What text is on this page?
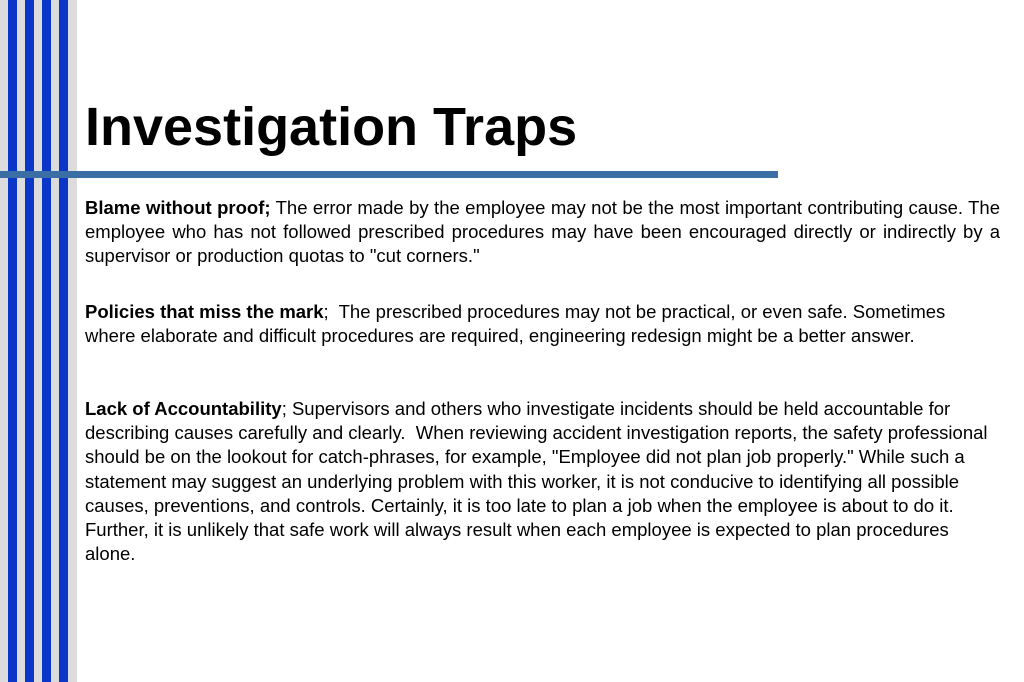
Investigation Traps

Blame without proof; The error made by the employee may not be the most important contributing cause. The employee who has not followed prescribed procedures may have been encouraged directly or indirectly by a supervisor or production quotas to "cut corners."

Policies that miss the mark;  The prescribed procedures may not be practical, or even safe. Sometimes where elaborate and difficult procedures are required, engineering redesign might be a better answer.

Lack of Accountability; Supervisors and others who investigate incidents should be held accountable for describing causes carefully and clearly.  When reviewing accident investigation reports, the safety professional should be on the lookout for catch-phrases, for example, "Employee did not plan job properly." While such a statement may suggest an underlying problem with this worker, it is not conducive to identifying all possible causes, preventions, and controls. Certainly, it is too late to plan a job when the employee is about to do it. Further, it is unlikely that safe work will always result when each employee is expected to plan procedures alone.
